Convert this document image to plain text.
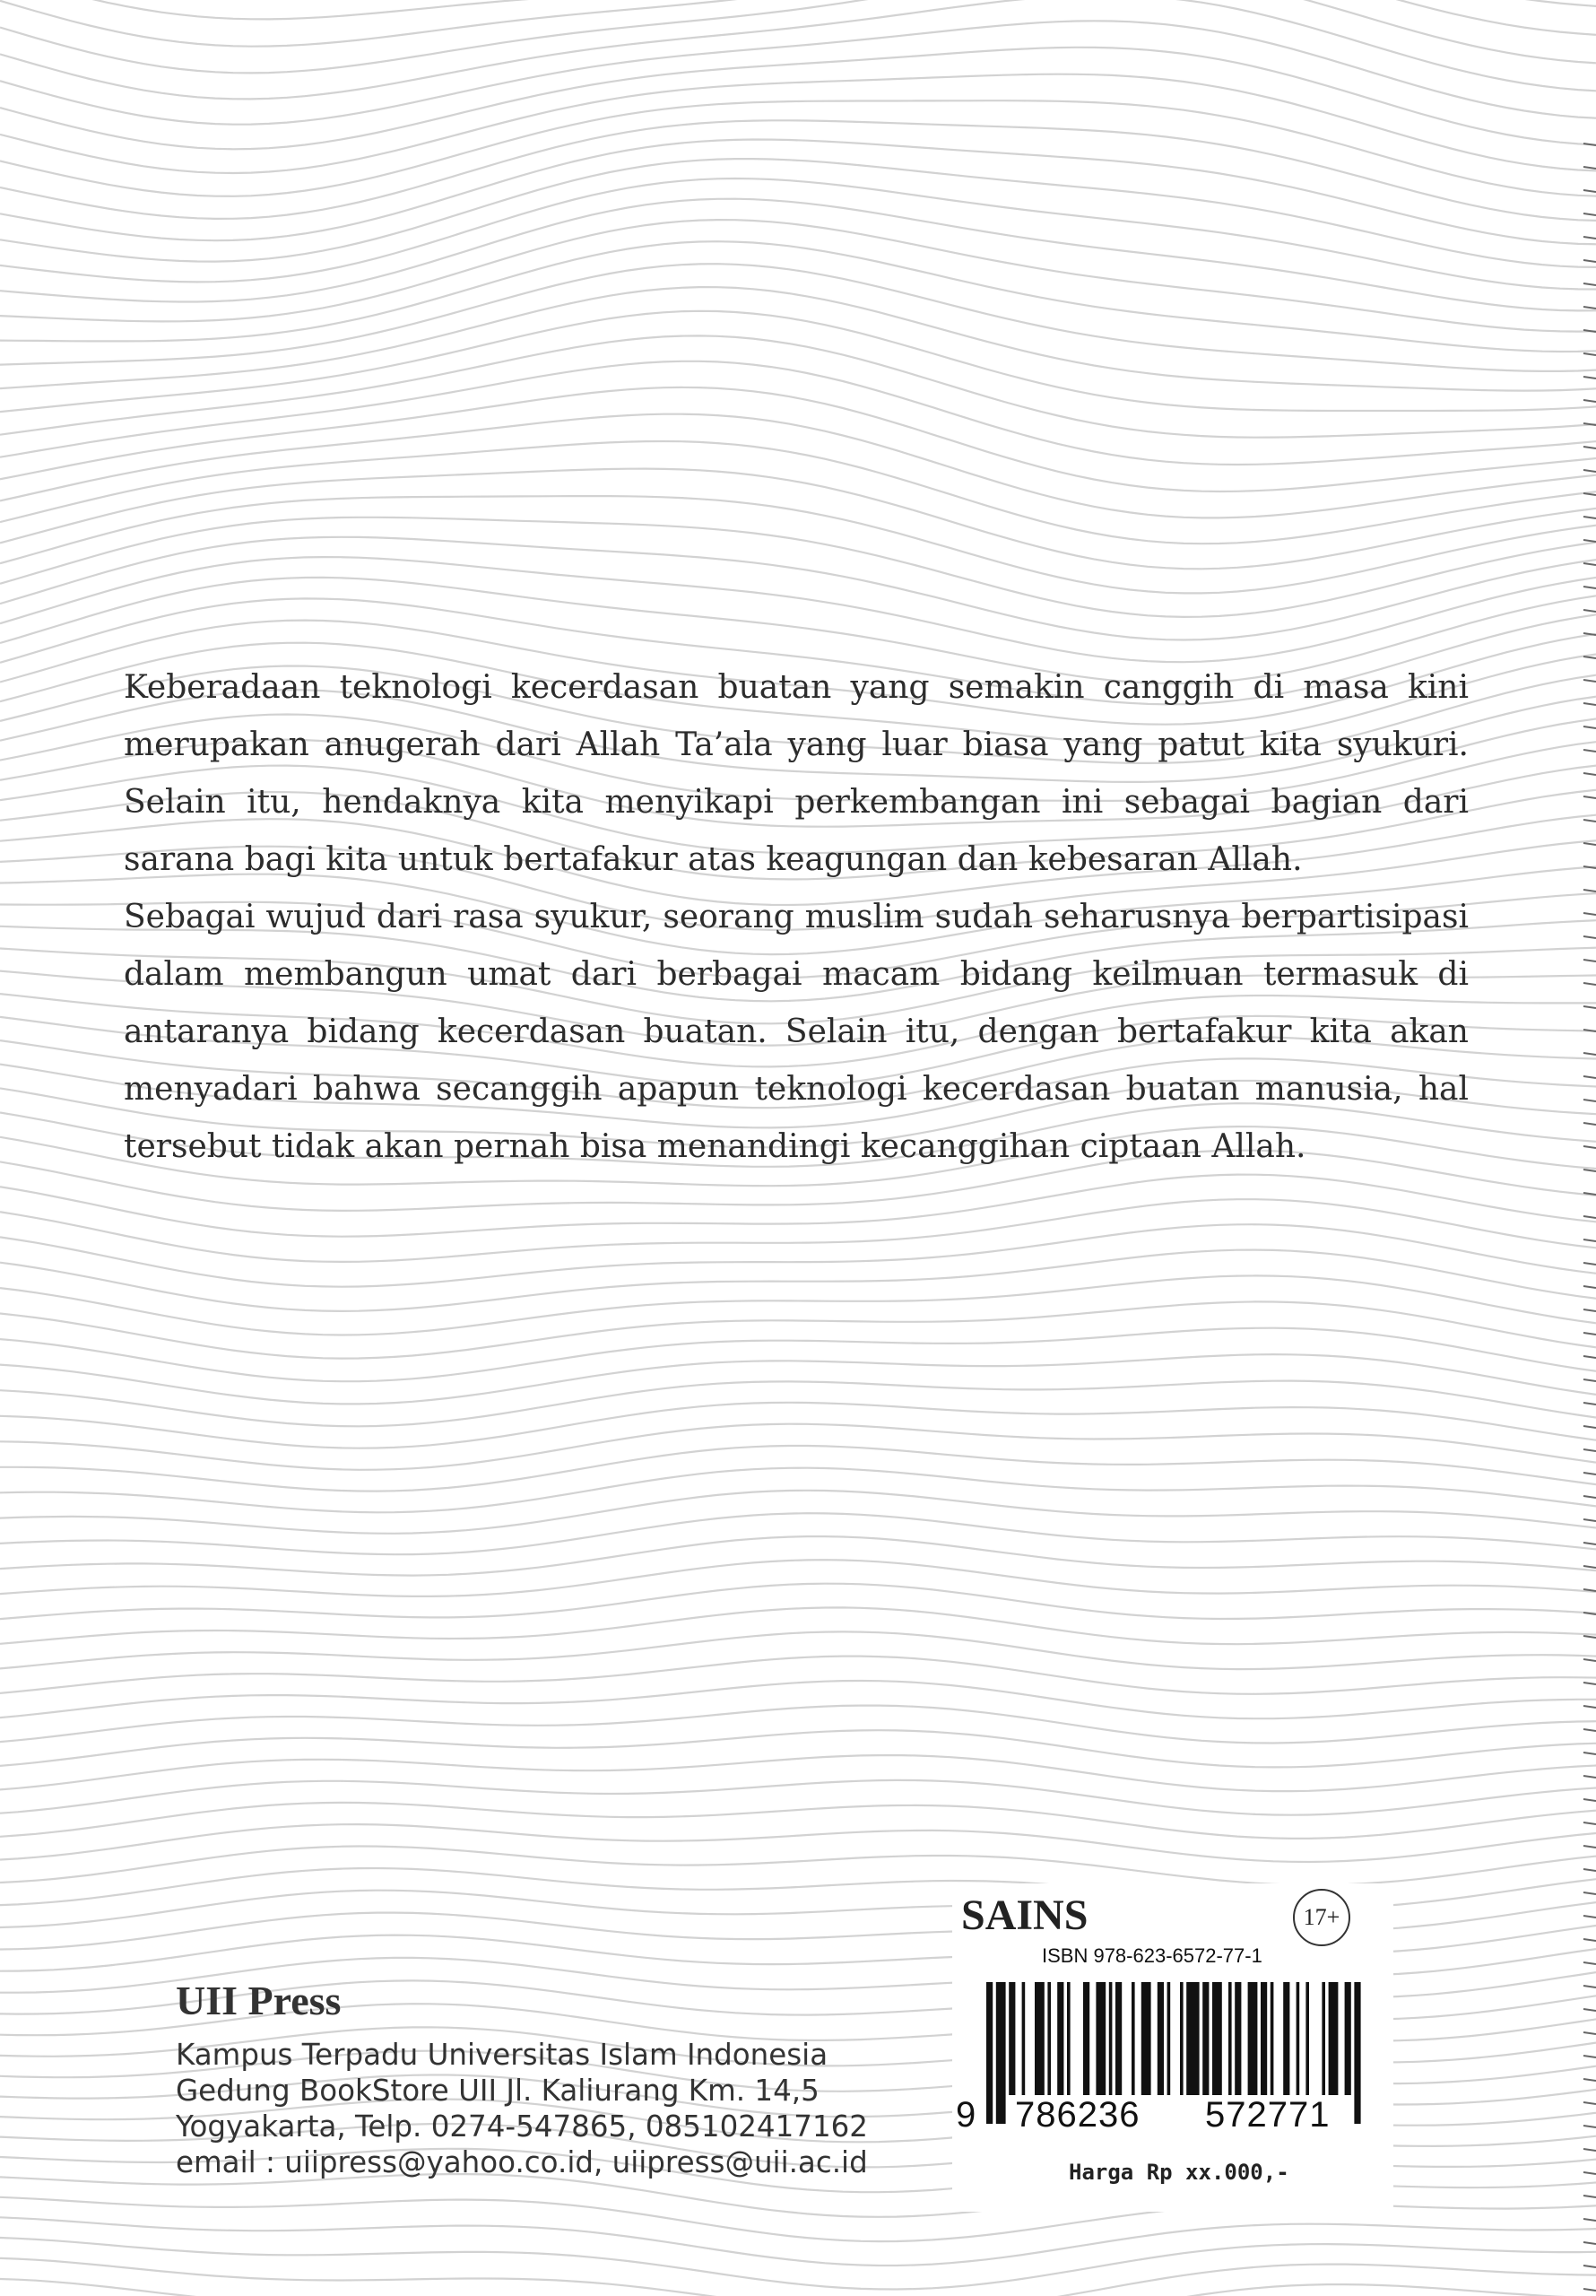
Keberadaan teknologi kecerdasan buatan yang semakin canggih di masa kini merupakan anugerah dari Allah Ta’ala yang luar biasa yang patut kita syukuri. Selain itu, hendaknya kita menyikapi perkembangan ini sebagai bagian dari sarana bagi kita untuk bertafakur atas keagungan dan kebesaran Allah.

Sebagai wujud dari rasa syukur, seorang muslim sudah seharusnya berpartisipasi dalam membangun umat dari berbagai macam bidang keilmuan termasuk di antaranya bidang kecerdasan buatan. Selain itu, dengan bertafakur kita akan menyadari bahwa secanggih apapun teknologi kecerdasan buatan manusia, hal tersebut tidak akan pernah bisa menandingi kecanggihan ciptaan Allah.

UII Press
Kampus Terpadu Universitas Islam Indonesia
Gedung BookStore UII Jl. Kaliurang Km. 14,5
Yogyakarta, Telp. 0274-547865, 085102417162
email : uiipress@yahoo.co.id, uiipress@uii.ac.id
SAINS	17+
ISBN 978-623-6572-77-1
9 786236 572771
Harga Rp xx.000,-
